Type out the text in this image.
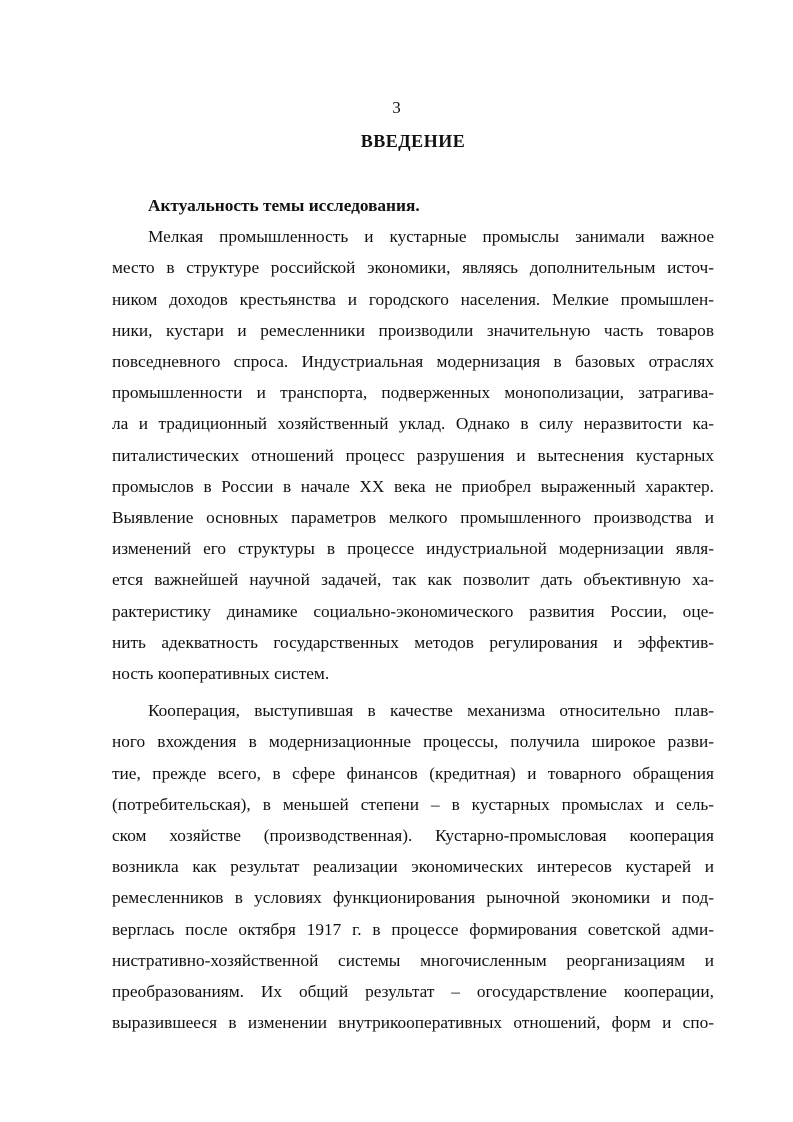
3
ВВЕДЕНИЕ

Актуальность темы исследования.

Мелкая промышленность и кустарные промыслы занимали важное
место в структуре российской экономики, являясь дополнительным источ-
ником доходов крестьянства и городского населения. Мелкие промышлен-
ники, кустари и ремесленники производили значительную часть товаров
повседневного спроса. Индустриальная модернизация в базовых отраслях
промышленности и транспорта, подверженных монополизации, затрагива-
ла и традиционный хозяйственный уклад. Однако в силу неразвитости ка-
питалистических отношений процесс разрушения и вытеснения кустарных
промыслов в России в начале XX века не приобрел выраженный характер.
Выявление основных параметров мелкого промышленного производства и
изменений его структуры в процессе индустриальной модернизации явля-
ется важнейшей научной задачей, так как позволит дать объективную ха-
рактеристику динамике социально-экономического развития России, оце-
нить адекватность государственных методов регулирования и эффектив-
ность кооперативных систем.
Кооперация, выступившая в качестве механизма относительно плав-
ного вхождения в модернизационные процессы, получила широкое разви-
тие, прежде всего, в сфере финансов (кредитная) и товарного обращения
(потребительская), в меньшей степени – в кустарных промыслах и сель-
ском хозяйстве (производственная). Кустарно-промысловая кооперация
возникла как результат реализации экономических интересов кустарей и
ремесленников в условиях функционирования рыночной экономики и под-
верглась после октября 1917 г. в процессе формирования советской адми-
нистративно-хозяйственной системы многочисленным реорганизациям и
преобразованиям. Их общий результат – огосударствление кооперации,
выразившееся в изменении внутрикооперативных отношений, форм и спо-
